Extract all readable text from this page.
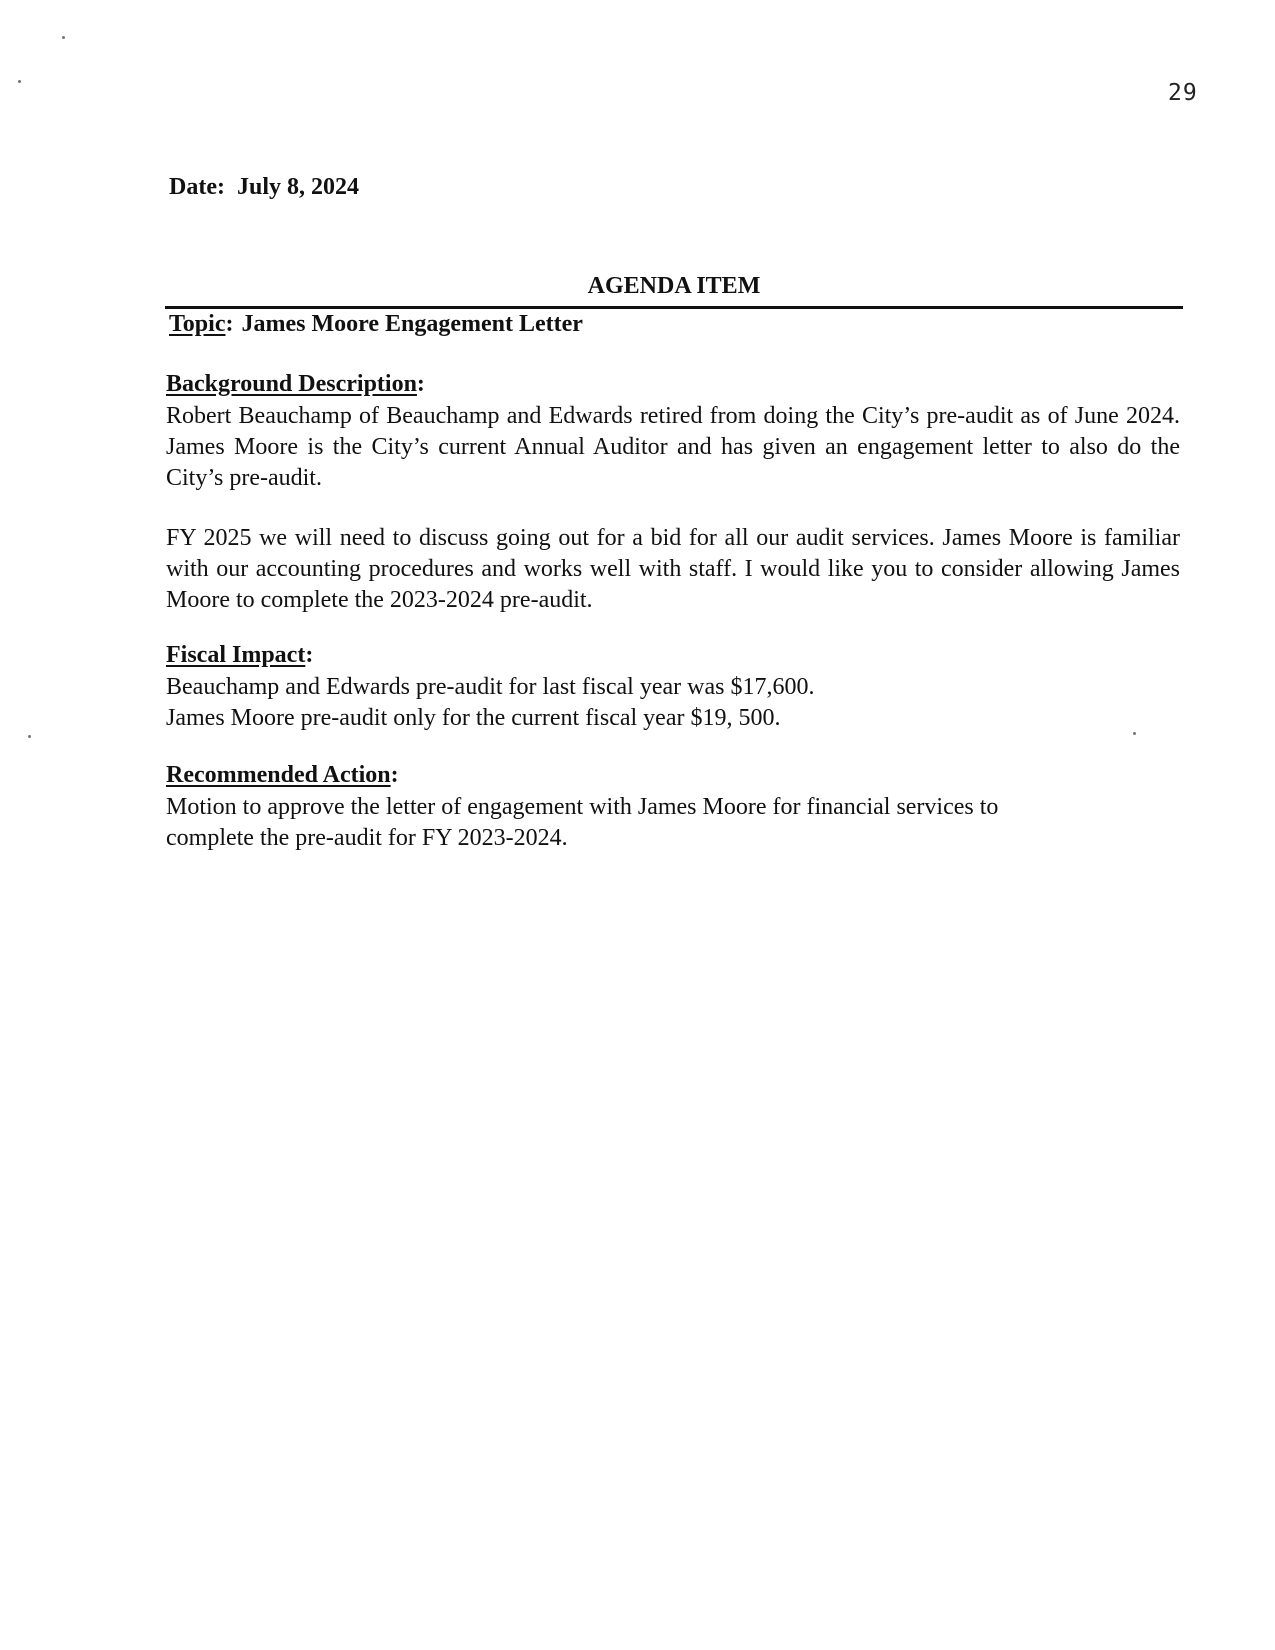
29
Date: July 8, 2024
AGENDA ITEM
Topic: James Moore Engagement Letter
Background Description:

Robert Beauchamp of Beauchamp and Edwards retired from doing the City’s pre-audit as of June 2024. James Moore is the City’s current Annual Auditor and has given an engagement letter to also do the City’s pre-audit.

FY 2025 we will need to discuss going out for a bid for all our audit services. James Moore is familiar with our accounting procedures and works well with staff. I would like you to consider allowing James Moore to complete the 2023-2024 pre-audit.

Fiscal Impact:
Beauchamp and Edwards pre-audit for last fiscal year was $17,600.
James Moore pre-audit only for the current fiscal year $19, 500.
Recommended Action:
Motion to approve the letter of engagement with James Moore for financial services to
complete the pre-audit for FY 2023-2024.
